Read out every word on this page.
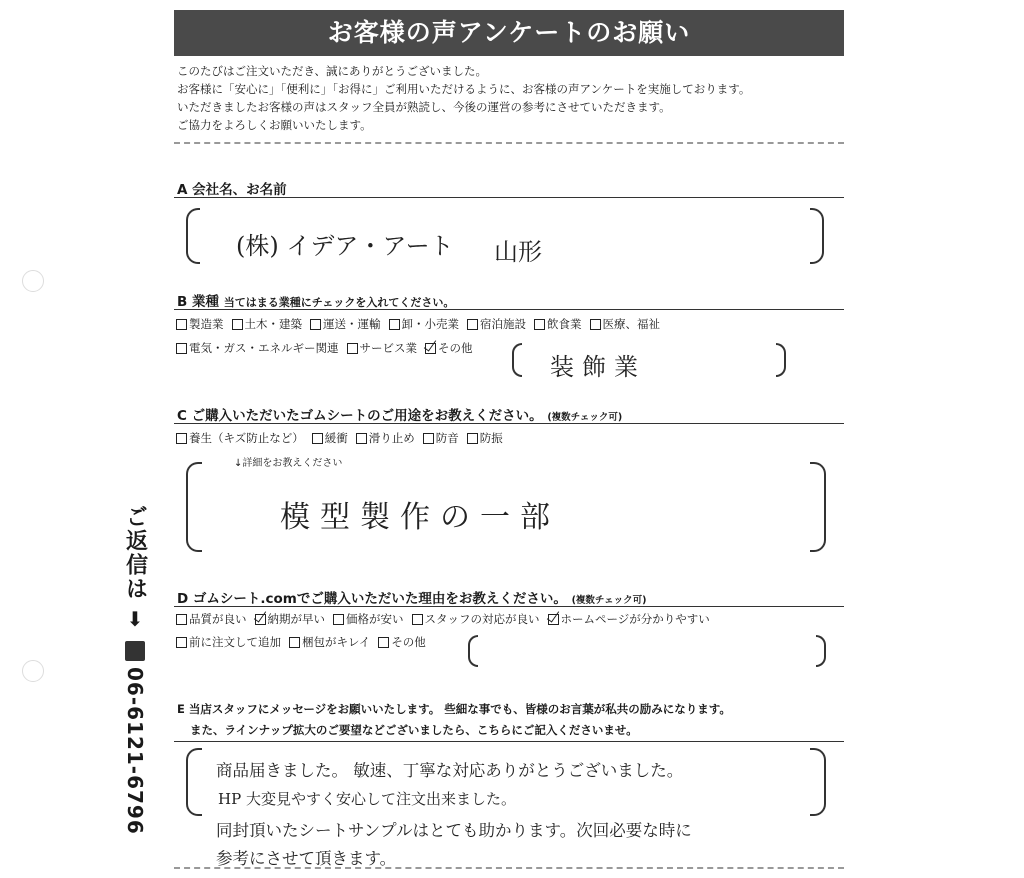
お客様の声アンケートのお願い
このたびはご注文いただき、誠にありがとうございました。
お客様に「安心に」「便利に」「お得に」ご利用いただけるように、お客様の声アンケートを実施しております。
いただきましたお客様の声はスタッフ全員が熟読し、今後の運営の参考にさせていただきます。
ご協力をよろしくお願いいたします。
A 会社名、お名前
(株) イデア・アート 山形
B 業種 当てはまる業種にチェックを入れてください。
製造業 土木・建築 運送・運輸 卸・小売業 宿泊施設 飲食業 医療、福祉
電気・ガス・エネルギー関連 サービス業 その他
装飾業
C ご購入いただいたゴムシートのご用途をお教えください。 (複数チェック可)
養生（キズ防止など） 緩衝 滑り止め 防音 防振
↓詳細をお教えください
模型製作の一部
D ゴムシート.comでご購入いただいた理由をお教えください。 (複数チェック可)
品質が良い 納期が早い 価格が安い スタッフの対応が良い ホームページが分かりやすい
前に注文して追加 梱包がキレイ その他
E 当店スタッフにメッセージをお願いいたします。 些細な事でも、皆様のお言葉が私共の励みになります。
また、ラインナップ拡大のご要望などございましたら、こちらにご記入くださいませ。
商品届きました。 敏速、丁寧な対応ありがとうございました。
HP 大変見やすく安心して注文出来ました。
同封頂いたシートサンプルはとても助かります。次回必要な時に
参考にさせて頂きます。
ご返信は
⬇
06-6121-6796
